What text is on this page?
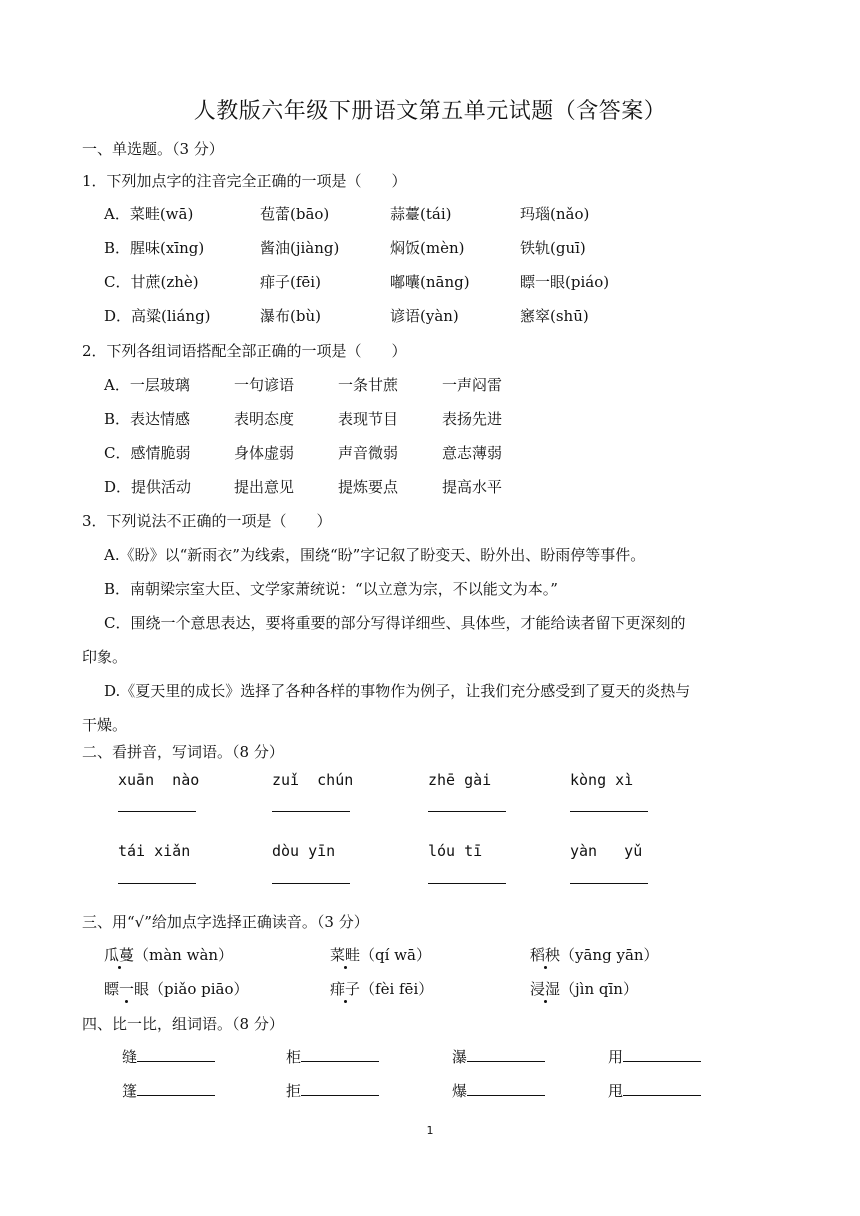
人教版六年级下册语文第五单元试题（含答案）
一、单选题。（3 分）
1．下列加点字的注音完全正确的一项是（　　）
A．菜畦(wā)	苞蕾(bāo)	蒜薹(tái)	玛瑙(nǎo)
B．腥味(xīng)	酱油(jiàng)	焖饭(mèn)	铁轨(guī)
C．甘蔗(zhè)	痱子(fēi)	嘟囔(nāng)	瞟一眼(piáo)
D．高粱(liáng)	瀑布(bù)	谚语(yàn)	窸窣(shū)
2．下列各组词语搭配全部正确的一项是（　　）
A．一层玻璃	一句谚语	一条甘蔗	一声闷雷
B．表达情感	表明态度	表现节目	表扬先进
C．感情脆弱	身体虚弱	声音微弱	意志薄弱
D．提供活动	提出意见	提炼要点	提高水平
3．下列说法不正确的一项是（　　）
A.《盼》以“新雨衣”为线索，围绕“盼”字记叙了盼变天、盼外出、盼雨停等事件。
B．南朝梁宗室大臣、文学家萧统说：“以立意为宗，不以能文为本。”
C．围绕一个意思表达，要将重要的部分写得详细些、具体些，才能给读者留下更深刻的
印象。
D.《夏天里的成长》选择了各种各样的事物作为例子，让我们充分感受到了夏天的炎热与
干燥。
二、看拼音，写词语。（8 分）
xuān  nào	zuǐ  chún	zhē gài	kòng xì
tái xiǎn	dòu yīn	lóu tī	yàn   yǔ
三、用“√”给加点字选择正确读音。（3 分）
瓜蔓（màn wàn）	菜畦（qí wā）	稻秧（yāng yān）
瞟一眼（piǎo piāo）	痱子（fèi fēi）	浸湿（jìn qīn）
四、比一比，组词语。（8 分）
缝	柜	瀑	用
篷	拒	爆	甩
1
